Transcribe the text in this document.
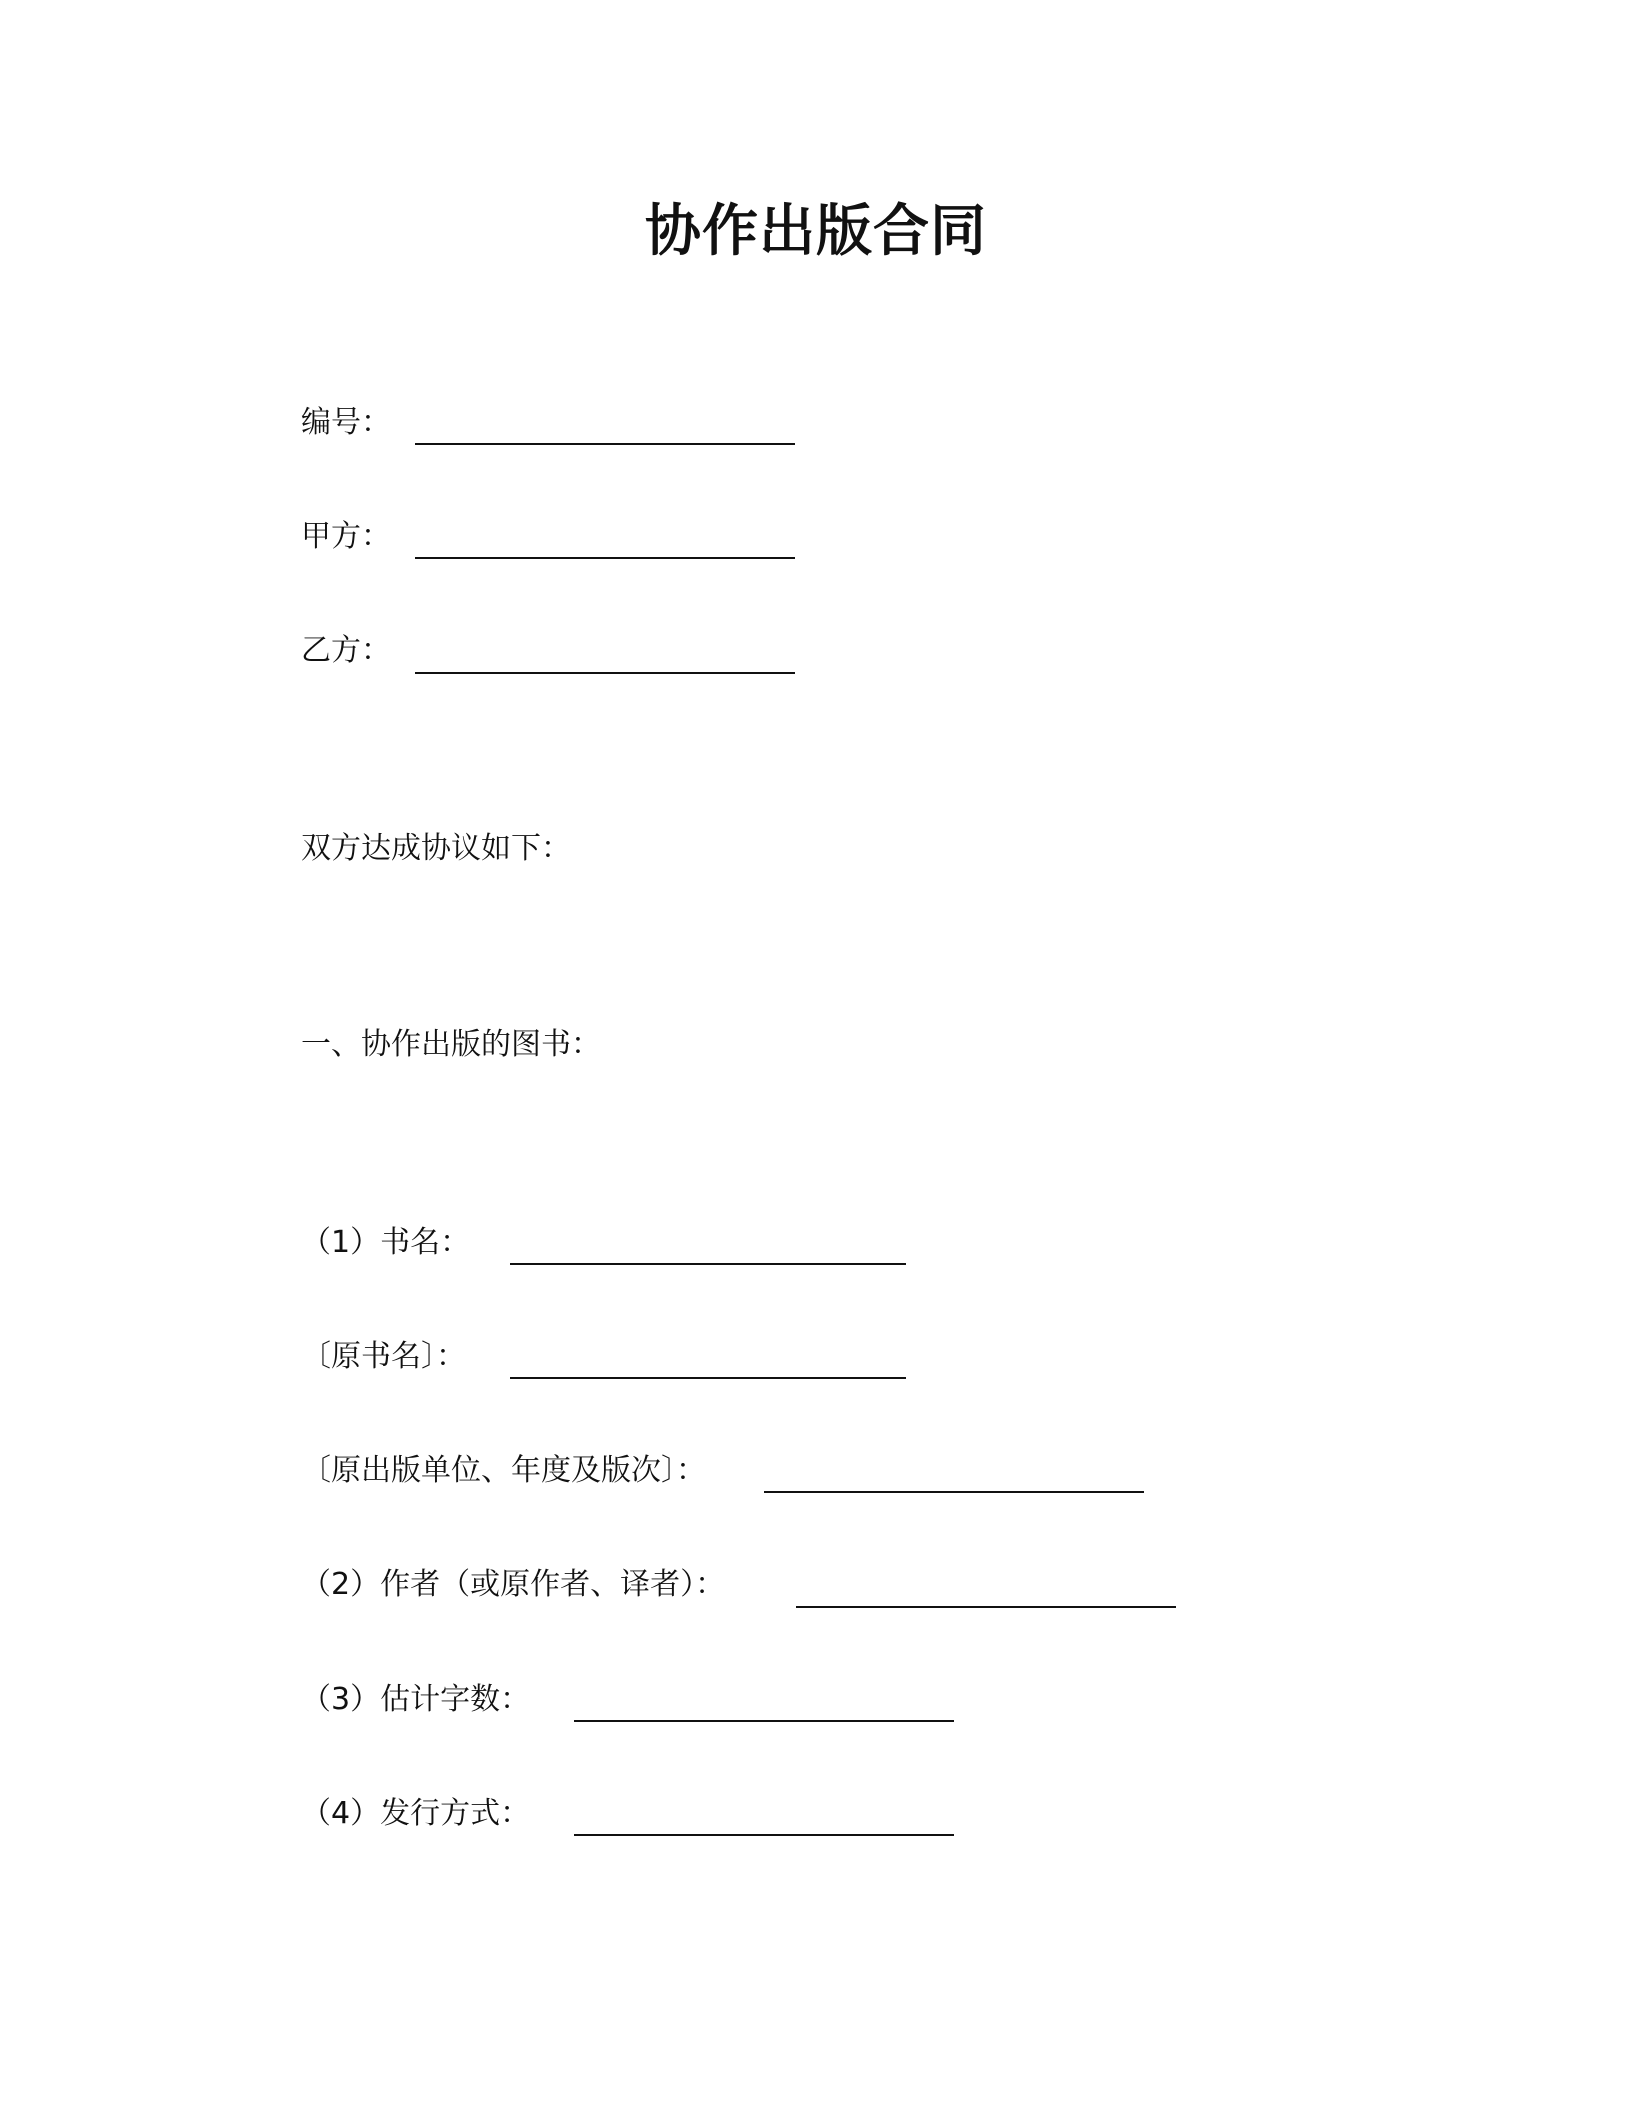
协作出版合同
编号：
甲方：
乙方：
双方达成协议如下：
一、协作出版的图书：
（1）书名：
〔原书名〕：
〔原出版单位、年度及版次〕：
（2）作者（或原作者、译者）：
（3）估计字数：
（4）发行方式：
